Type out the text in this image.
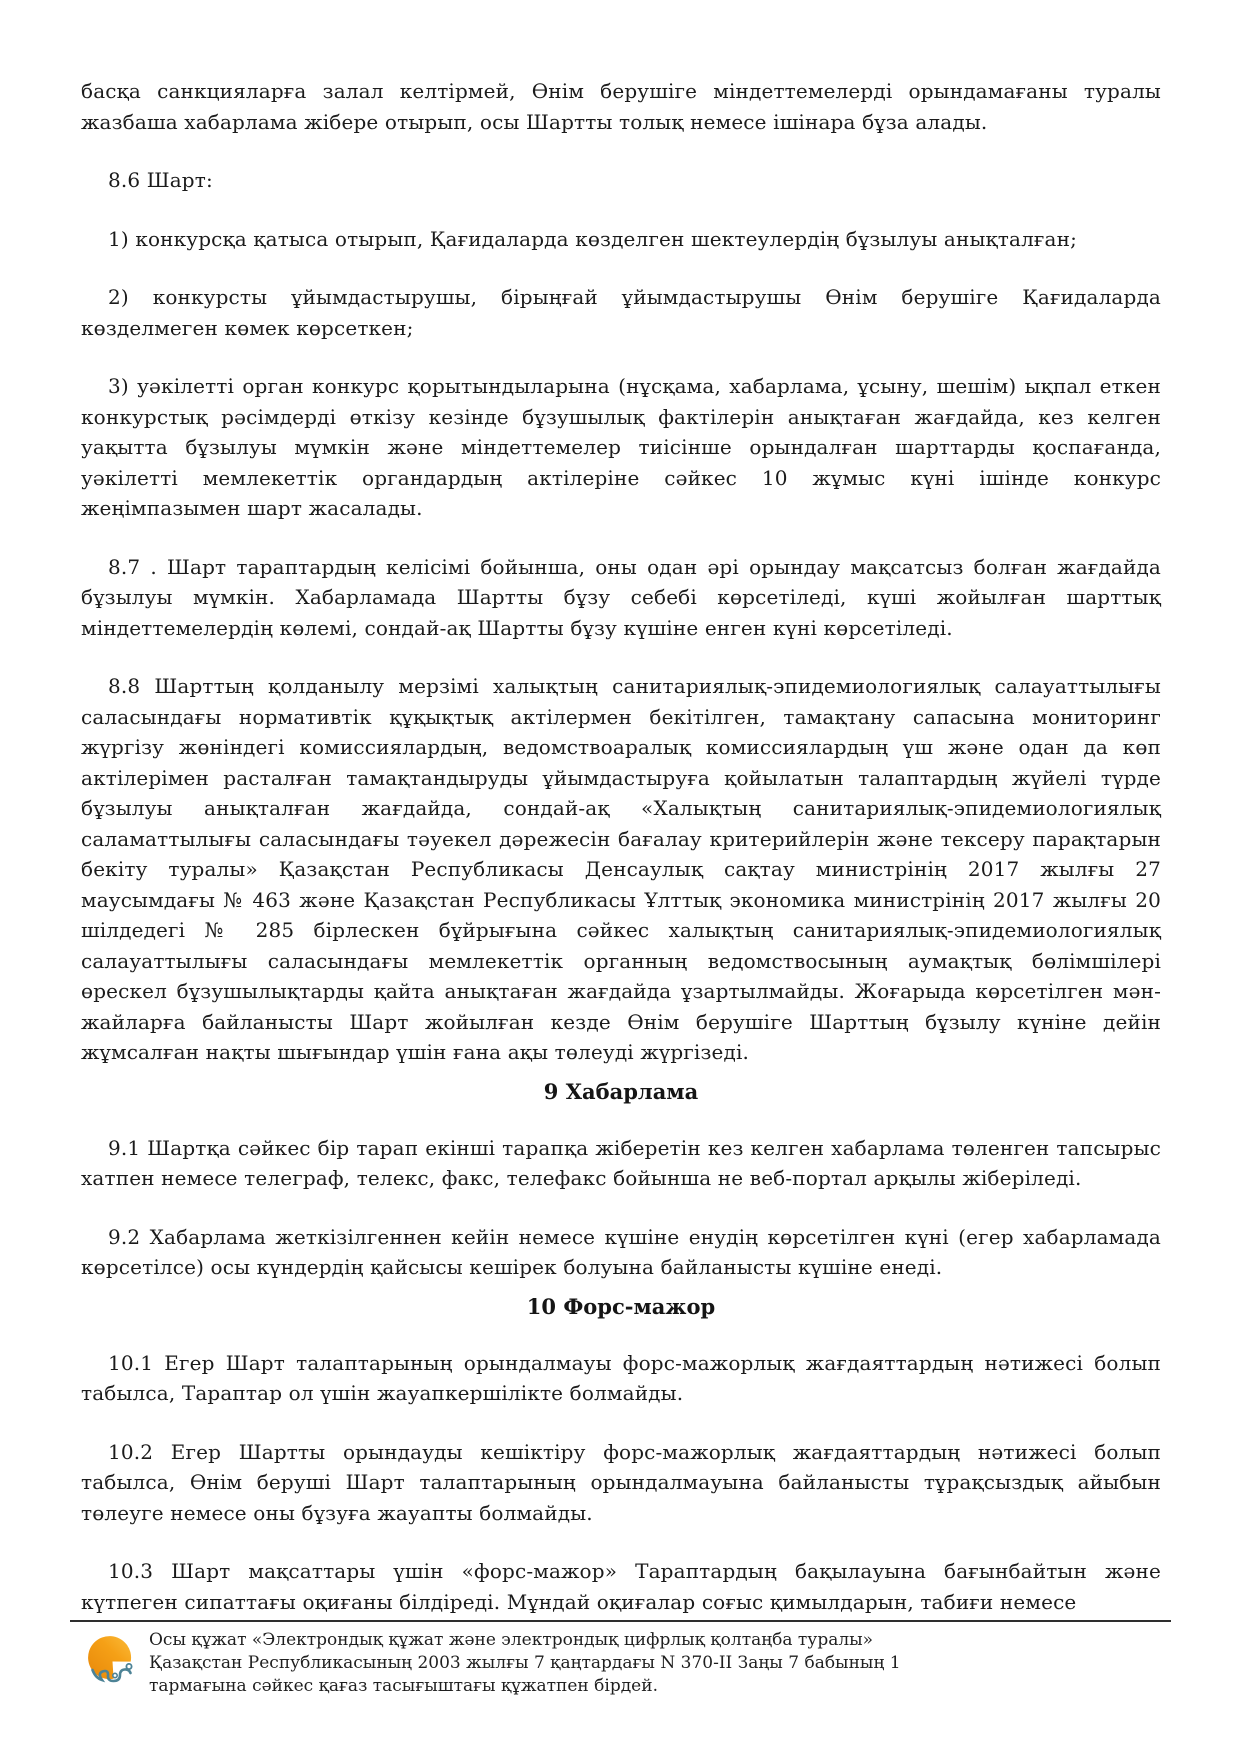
басқа санкцияларға залал келтірмей, Өнім берушіге міндеттемелерді орындамағаны туралы жазбаша хабарлама жібере отырып, осы Шартты толық немесе ішінара бұза алады.

8.6 Шарт:

1) конкурсқа қатыса отырып, Қағидаларда көзделген шектеулердің бұзылуы анықталған;

2) конкурсты ұйымдастырушы, бірыңғай ұйымдастырушы Өнім берушіге Қағидаларда көзделмеген көмек көрсеткен;

3) уәкілетті орган конкурс қорытындыларына (нұсқама, хабарлама, ұсыну, шешім) ықпал еткен конкурстық рәсімдерді өткізу кезінде бұзушылық фактілерін анықтаған жағдайда, кез келген уақытта бұзылуы мүмкін және міндеттемелер тиісінше орындалған шарттарды қоспағанда, уәкілетті мемлекеттік органдардың актілеріне сәйкес 10 жұмыс күні ішінде конкурс жеңімпазымен шарт жасалады.

8.7 . Шарт тараптардың келісімі бойынша, оны одан әрі орындау мақсатсыз болған жағдайда бұзылуы мүмкін. Хабарламада Шартты бұзу себебі көрсетіледі, күші жойылған шарттық міндеттемелердің көлемі, сондай-ақ Шартты бұзу күшіне енген күні көрсетіледі.

8.8 Шарттың қолданылу мерзімі халықтың санитариялық-эпидемиологиялық салауаттылығы саласындағы нормативтік құқықтық актілермен бекітілген, тамақтану сапасына мониторинг жүргізу жөніндегі комиссиялардың, ведомствоаралық комиссиялардың үш және одан да көп актілерімен расталған тамақтандыруды ұйымдастыруға қойылатын талаптардың жүйелі түрде бұзылуы анықталған жағдайда, сондай-ақ «Халықтың санитариялық-эпидемиологиялық саламаттылығы саласындағы тәуекел дәрежесін бағалау критерийлерін және тексеру парақтарын бекіту туралы» Қазақстан Республикасы Денсаулық сақтау министрінің 2017 жылғы 27 маусымдағы № 463 және Қазақстан Республикасы Ұлттық экономика министрінің 2017 жылғы 20 шілдедегі № 285 бірлескен бұйрығына сәйкес халықтың санитариялық-эпидемиологиялық салауаттылығы саласындағы мемлекеттік органның ведомствосының аумақтық бөлімшілері өрескел бұзушылықтарды қайта анықтаған жағдайда ұзартылмайды. Жоғарыда көрсетілген мән-жайларға байланысты Шарт жойылған кезде Өнім берушіге Шарттың бұзылу күніне дейін жұмсалған нақты шығындар үшін ғана ақы төлеуді жүргізеді.

9 Хабарлама

9.1 Шартқа сәйкес бір тарап екінші тарапқа жіберетін кез келген хабарлама төленген тапсырыс хатпен немесе телеграф, телекс, факс, телефакс бойынша не веб-портал арқылы жіберіледі.

9.2 Хабарлама жеткізілгеннен кейін немесе күшіне енудің көрсетілген күні (егер хабарламада көрсетілсе) осы күндердің қайсысы кешірек болуына байланысты күшіне енеді.

10 Форс-мажор

10.1 Егер Шарт талаптарының орындалмауы форс-мажорлық жағдаяттардың нәтижесі болып табылса, Тараптар ол үшін жауапкершілікте болмайды.

10.2 Егер Шартты орындауды кешіктіру форс-мажорлық жағдаяттардың нәтижесі болып табылса, Өнім беруші Шарт талаптарының орындалмауына байланысты тұрақсыздық айыбын төлеуге немесе оны бұзуға жауапты болмайды.

10.3 Шарт мақсаттары үшін «форс-мажор» Тараптардың бақылауына бағынбайтын және күтпеген сипаттағы оқиғаны білдіреді. Мұндай оқиғалар соғыс қимылдарын, табиғи немесе

Осы құжат «Электрондық құжат және электрондық цифрлық қолтаңба туралы» Қазақстан Республикасының 2003 жылғы 7 қаңтардағы N 370-II Заңы 7 бабының 1 тармағына сәйкес қағаз тасығыштағы құжатпен бірдей.
